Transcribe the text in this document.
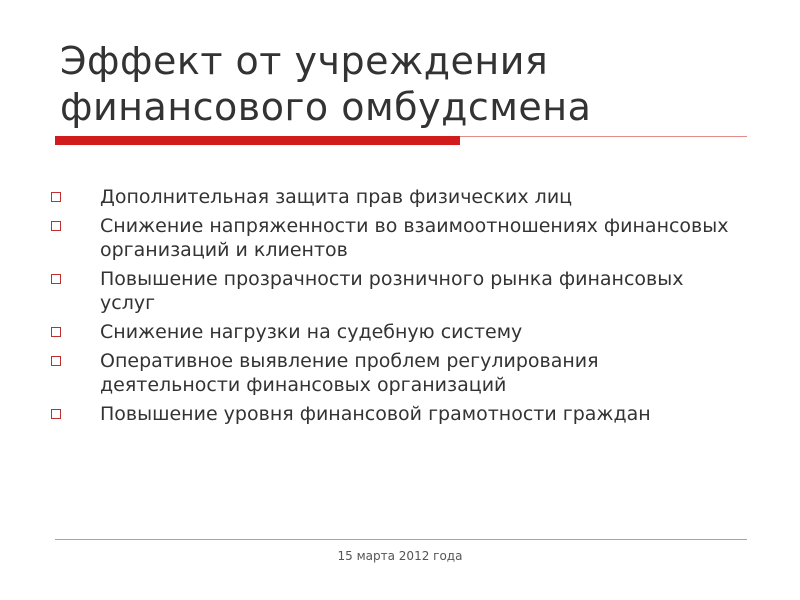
Эффект от учреждения
финансового омбудсмена
Дополнительная защита прав физических лиц
Снижение напряженности во взаимоотношениях финансовых организаций и клиентов
Повышение прозрачности розничного рынка финансовых услуг
Снижение нагрузки на судебную систему
Оперативное выявление проблем регулирования деятельности финансовых организаций
Повышение уровня финансовой грамотности граждан
15 марта 2012 года
